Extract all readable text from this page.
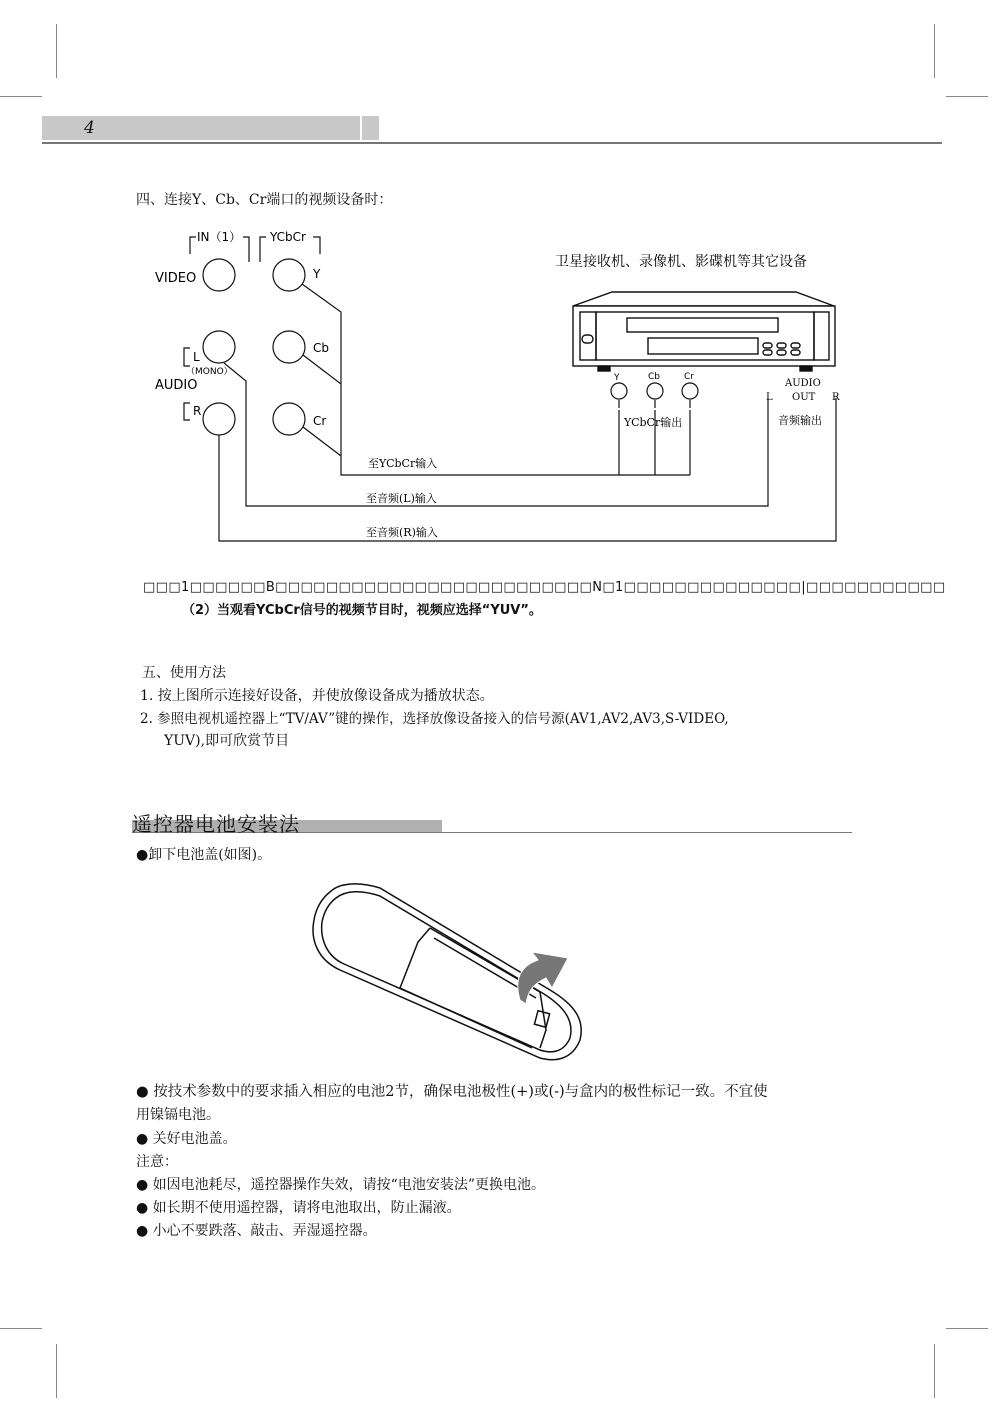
4
四、连接Y、Cb、Cr端口的视频设备时：
IN（1） YCbCr
VIDEO	Y
Cb
Cr
L
（MONO）
AUDIO
R
卫星接收机、录像机、影碟机等其它设备
Y	Cb	Cr
YCbCr输出
AUDIO
L OUT R
音频输出
至YCbCr输入
至音频(L)输入
至音频(R)输入
□□□1□□□□□□B□□□□□□□□□□□□□□□□□□□□□□□□□N□1□□□□□□□□□□□□□□|□□□□□□□□□□□
（2）当观看YCbCr信号的视频节目时，视频应选择“YUV”。
五、使用方法
1. 按上图所示连接好设备，并使放像设备成为播放状态。
2. 参照电视机遥控器上“TV/AV”键的操作，选择放像设备接入的信号源(AV1,AV2,AV3,S-VIDEO,
YUV),即可欣赏节目
遥控器电池安装法
●卸下电池盖(如图)。
● 按技术参数中的要求插入相应的电池2节，确保电池极性(+)或(-)与盒内的极性标记一致。不宜使
用镍镉电池。
● 关好电池盖。
注意：
● 如因电池耗尽，遥控器操作失效，请按“电池安装法”更换电池。
● 如长期不使用遥控器，请将电池取出，防止漏液。
● 小心不要跌落、敲击、弄湿遥控器。
